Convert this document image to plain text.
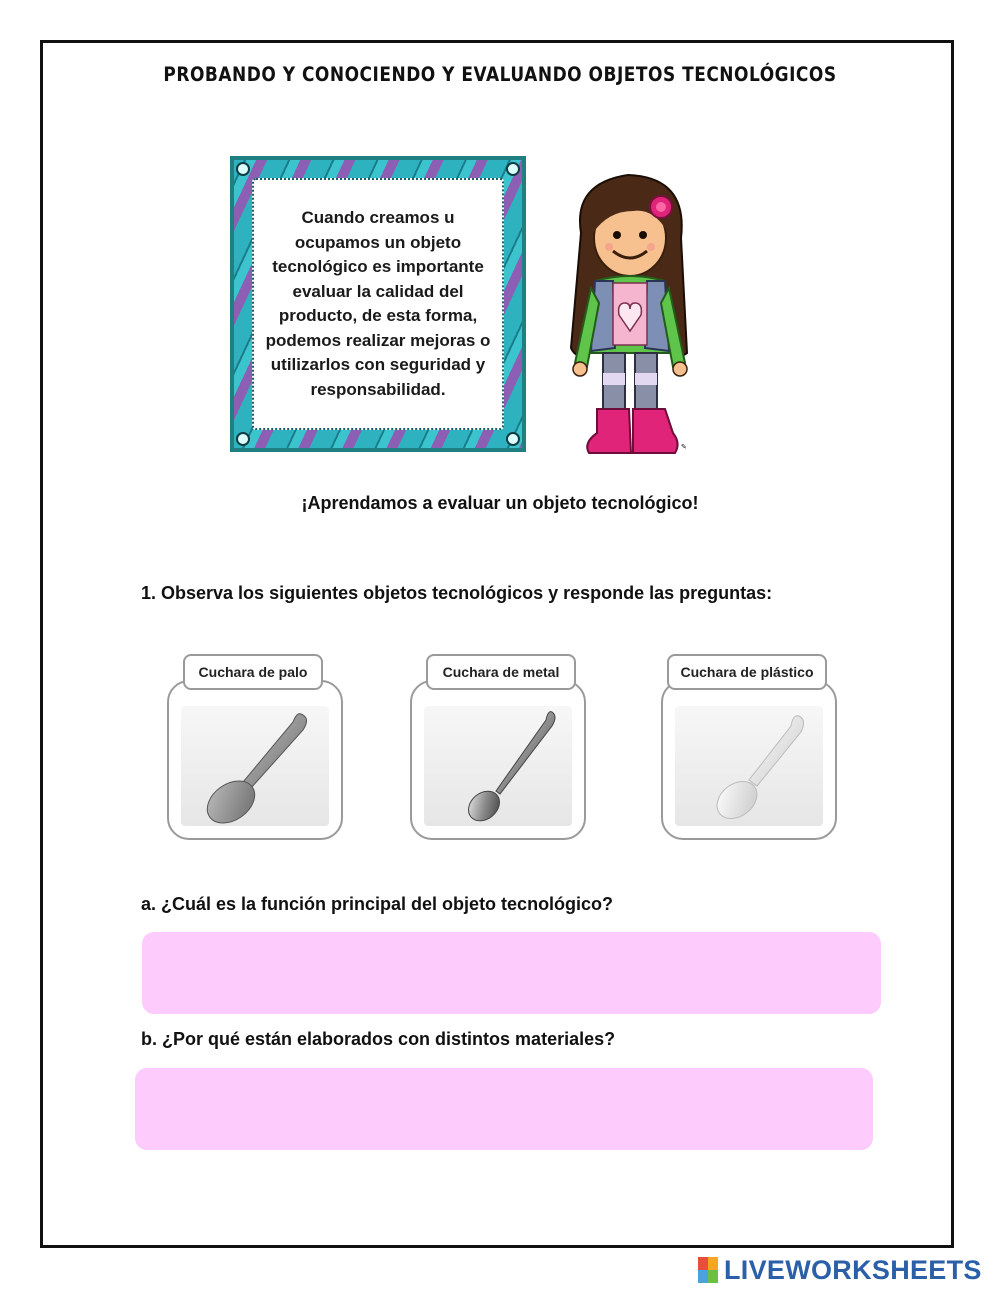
PROBANDO Y CONOCIENDO Y EVALUANDO OBJETOS TECNOLÓGICOS
Cuando creamos u ocupamos un objeto tecnológico es importante evaluar la calidad del producto, de esta forma, podemos realizar mejoras o utilizarlos con seguridad y responsabilidad.
✎
¡Aprendamos a evaluar un objeto tecnológico!
1. Observa los siguientes objetos tecnológicos y responde las preguntas:
Cuchara de palo	Cuchara de metal	Cuchara de plástico
a. ¿Cuál es la función principal del objeto tecnológico?
b. ¿Por qué están elaborados con distintos materiales?
LIVEWORKSHEETS
